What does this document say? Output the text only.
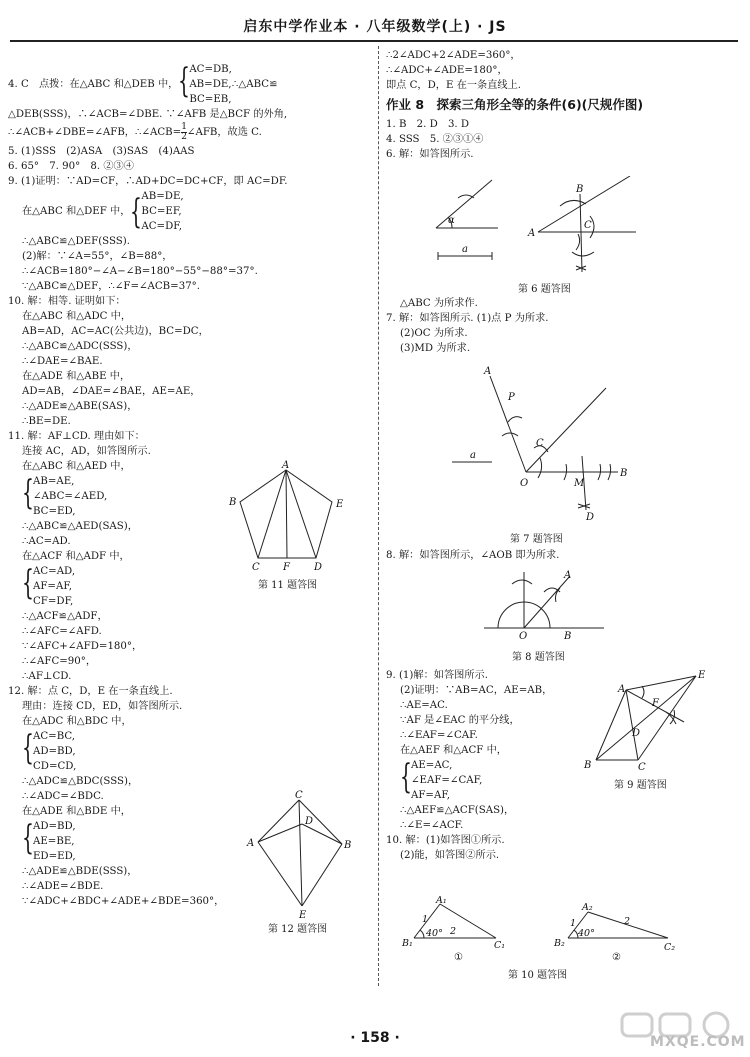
启东中学作业本 · 八年级数学(上) · JS
4. C　点拨：在△ABC 和△DEB 中， { AC=DB,
AB=DE,
BC=EB,
∴△ABC≌
△DEB(SSS)，∴∠ACB=∠DBE. ∵∠AFB 是△BCF 的外角,
∴∠ACB+∠DBE=∠AFB，∴∠ACB= $\frac{1}{2}$ ∠AFB，故选 C.
5. (1)SSS　(2)ASA　(3)SAS　(4)AAS
6. 65°　7. 90°　8. ②③④
9. (1)证明：∵AD=CF，∴AD+DC=DC+CF，即 AC=DF.
在△ABC 和△DEF 中， { AB=DE,
BC=EF,
AC=DF,
∴△ABC≌△DEF(SSS).
(2)解：∵∠A=55°，∠B=88°，
∴∠ACB=180°−∠A−∠B=180°−55°−88°=37°.
∵△ABC≌△DEF，∴∠F=∠ACB=37°.
10. 解：相等. 证明如下：
在△ABC 和△ADC 中，
AB=AD，AC=AC(公共边)，BC=DC，
∴△ABC≌△ADC(SSS)，
∴∠DAE=∠BAE.
在△ADE 和△ABE 中，
AD=AB，∠DAE=∠BAE，AE=AE，
∴△ADE≌△ABE(SAS)，
∴BE=DE.
11. 解：AF⊥CD. 理由如下：
连接 AC，AD，如答图所示.
在△ABC 和△AED 中，
{ AB=AE,
∠ABC=∠AED,
BC=ED,
∴△ABC≌△AED(SAS)，
∴AC=AD.
在△ACF 和△ADF 中，
{ AC=AD,
AF=AF,
CF=DF,
∴△ACF≌△ADF，
∴∠AFC=∠AFD.
∵∠AFC+∠AFD=180°，
∴∠AFC=90°，
∴AF⊥CD.
12. 解：点 C，D，E 在一条直线上.
理由：连接 CD，ED，如答图所示.
在△ADC 和△BDC 中，
{ AC=BC,
AD=BD,
CD=CD,
∴△ADC≌△BDC(SSS)，
∴∠ADC=∠BDC.
在△ADE 和△BDE 中，
{ AD=BD,
AE=BE,
ED=ED,
∴△ADE≌△BDE(SSS)，
∴∠ADE=∠BDE.
∵∠ADC+∠BDC+∠ADE+∠BDE=360°，
A
B	E
C F D
第 11 题答图
C
D
A	B
E
第 12 题答图
∴2∠ADC+2∠ADE=360°，
∴∠ADC+∠ADE=180°，
即点 C，D，E 在一条直线上.
作业 8　探索三角形全等的条件(6)(尺规作图)
1. B　2. D　3. D
4. SSS　5. ②③①④
6. 解：如答图所示.
α
a
B
A
C
第 6 题答图
△ABC 为所求作.
7. 解：如答图所示. (1)点 P 为所求.
(2)OC 为所求.
(3)MD 为所求.
A
P
C
a
O	M
B
D
第 7 题答图
8. 解：如答图所示，∠AOB 即为所求.
A
O	B
第 8 题答图
9. (1)解：如答图所示.
(2)证明：∵AB=AC，AE=AB，
∴AE=AC.
∵AF 是∠EAC 的平分线，
∴∠EAF=∠CAF.
在△AEF 和△ACF 中，
{ AE=AC,
∠EAF=∠CAF,
AF=AF,
∴△AEF≌△ACF(SAS)，
∴∠E=∠ACF.
10. 解：(1)如答图①所示.
(2)能，如答图②所示.
E
A
F
D
B	C
第 9 题答图
A₁
B₁	C₁
1
2
40°
A₂
B₂	C₂
1	2
40°
①	②
第 10 题答图
· 158 ·	MXQE.COM
